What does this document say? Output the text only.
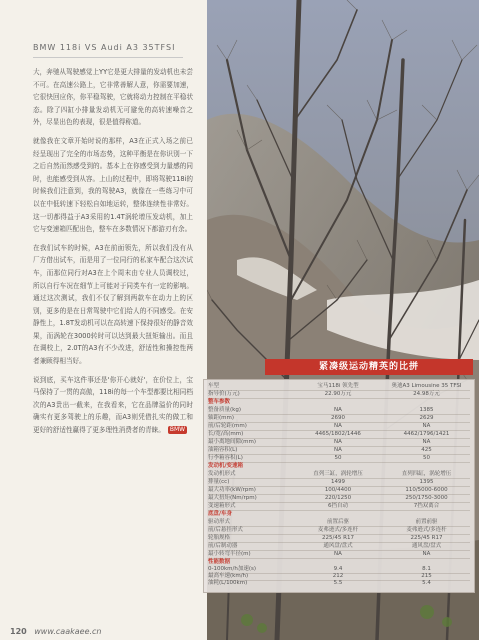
BMW 118i VS Audi A3 35TFSI

大，奔驰从驾驶感觉上YY它是更大排量的发动机也未尝不可。在高速公路上，它非常善解人意，你需要加速，它很快回应你，你平稳驾驶，它就将动力控制在平稳状态。除了四缸小排量发动机无可避免的高转速噪音之外，尽显出色的表现，很是值得称道。

就像我在文章开始时说的那样，A3在正式入场之前已经呈现出了完全的市场态势，这种平衡是在你识别一下之后自然而然感受到的。基本上在你感受到力量感的同时，也能感受到从容。上山的过程中，即将驾驶118i的时候我们注意到，我的驾驶A3，就像在一些练习中可以在中低转速下轻松自如地运转，整体连续性非常好。这一切都得益于A3采用的1.4T涡轮增压发动机，加上它与变速箱匹配出色，整车在多数情况下都游刃有余。

在我们试车的时候，A3在前面领先，所以我们没有从厂方借出试车，而是用了一位同行的私家车配合这次试车，而那位同行对A3在上个周末由专业人员调校过，所以自行车况在细节上可能对于同类车有一定的影响。通过这次测试，我们不仅了解到两款车在动力上的区别，更多的是在日常驾驶中它们给人的不同感受。在安静性上，1.8T发动机可以在高转速下保持很好的静音效果，而涡轮在3000转时可以达到最大扭矩输出。而且在调校上，2.0T的A3有不少改进，舒适性和操控性两者兼顾得相当好。

说到底，买车这件事还是'你开心就好'，在价位上，宝马保持了一贯的高傲，118i的每一个车型都要比相同档次的A3贵出一截来，在我看来，它在品牌溢价的同时确实有更多驾驶上的乐趣，而A3则凭借扎实的做工和更好的舒适性赢得了更多理性消费者的青睐。 BMW

紧凑级运动精英的比拼
车型	宝马118i 领先型	奥迪A3 Limousine 35 TFSI
指导价(万元)	22.90万元	24.98万元
整车参数
整备质量(kg)	NA	1385
轴距(mm)	2690	2629
前/后轮距(mm)	NA	NA
长/宽/高(mm)	4465/1802/1446	4462/1796/1421
最小离地间隙(mm)	NA	NA
油箱容积(L)	NA	425
行李箱容积(L)	50	50
发动机/变速箱
发动机形式	直列三缸，涡轮增压	直列四缸，涡轮增压
排量(cc)	1499	1395
最大功率(kW/rpm)	100/4400	110/5000-6000
最大扭矩(Nm/rpm)	220/1250	250/1750-3000
变速箱形式	6挡自动	7挡双离合
底盘/车身
驱动形式	前置后驱	前置前驱
前/后悬挂形式	麦弗逊式/多连杆	麦弗逊式/多连杆
轮胎规格	225/45 R17	225/45 R17
前/后制动器	通风盘/盘式	通风盘/盘式
最小转弯半径(m)	NA	NA
性能数据
0-100km/h加速(s)	9.4	8.1
最高车速(km/h)	212	215
油耗(L/100km)	5.5	5.4
120 www.caakaee.cn
